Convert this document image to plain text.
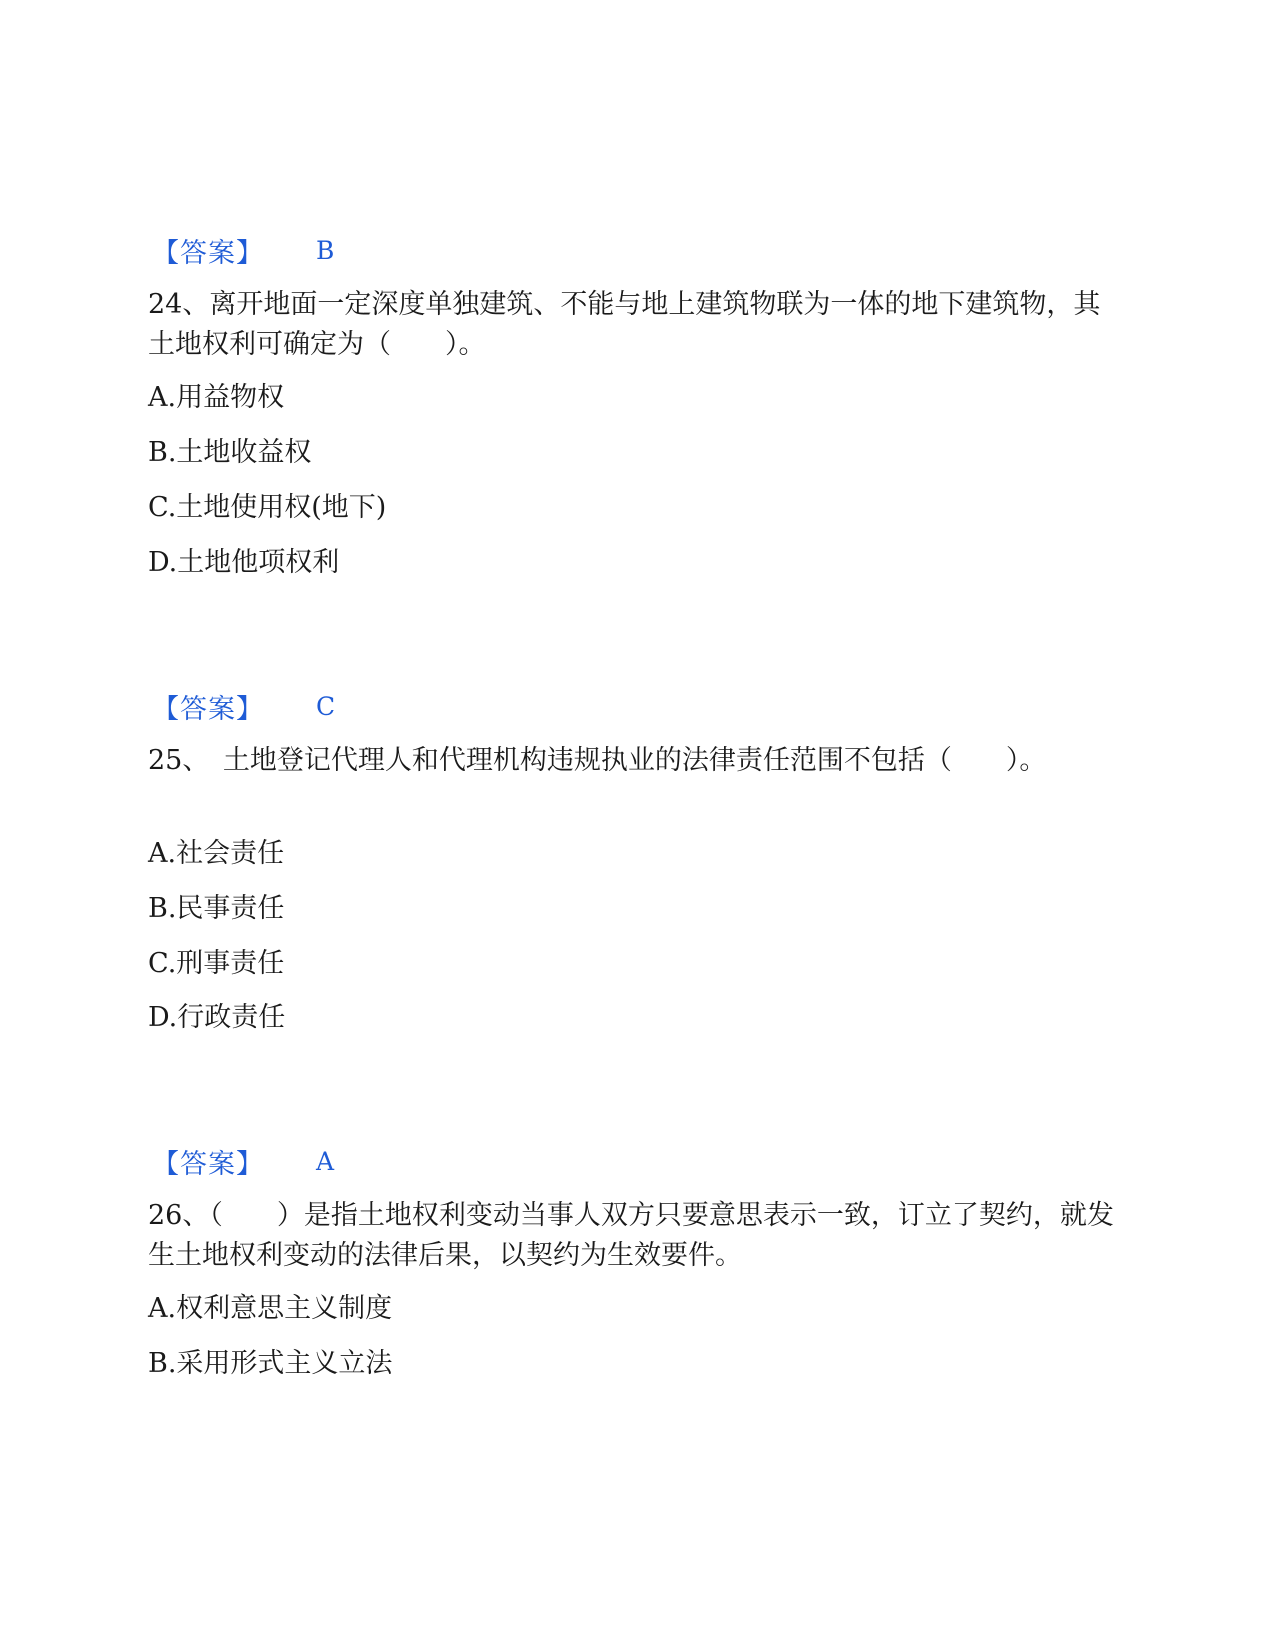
【答案】 B
24、离开地面一定深度单独建筑、不能与地上建筑物联为一体的地下建筑物，其土地权利可确定为（　　）。
A.用益物权
B.土地收益权
C.土地使用权(地下)
D.土地他项权利
【答案】 C
25、　土地登记代理人和代理机构违规执业的法律责任范围不包括（　　）。
A.社会责任
B.民事责任
C.刑事责任
D.行政责任
【答案】 A
26、（　　）是指土地权利变动当事人双方只要意思表示一致，订立了契约，就发生土地权利变动的法律后果，以契约为生效要件。
A.权利意思主义制度
B.采用形式主义立法
